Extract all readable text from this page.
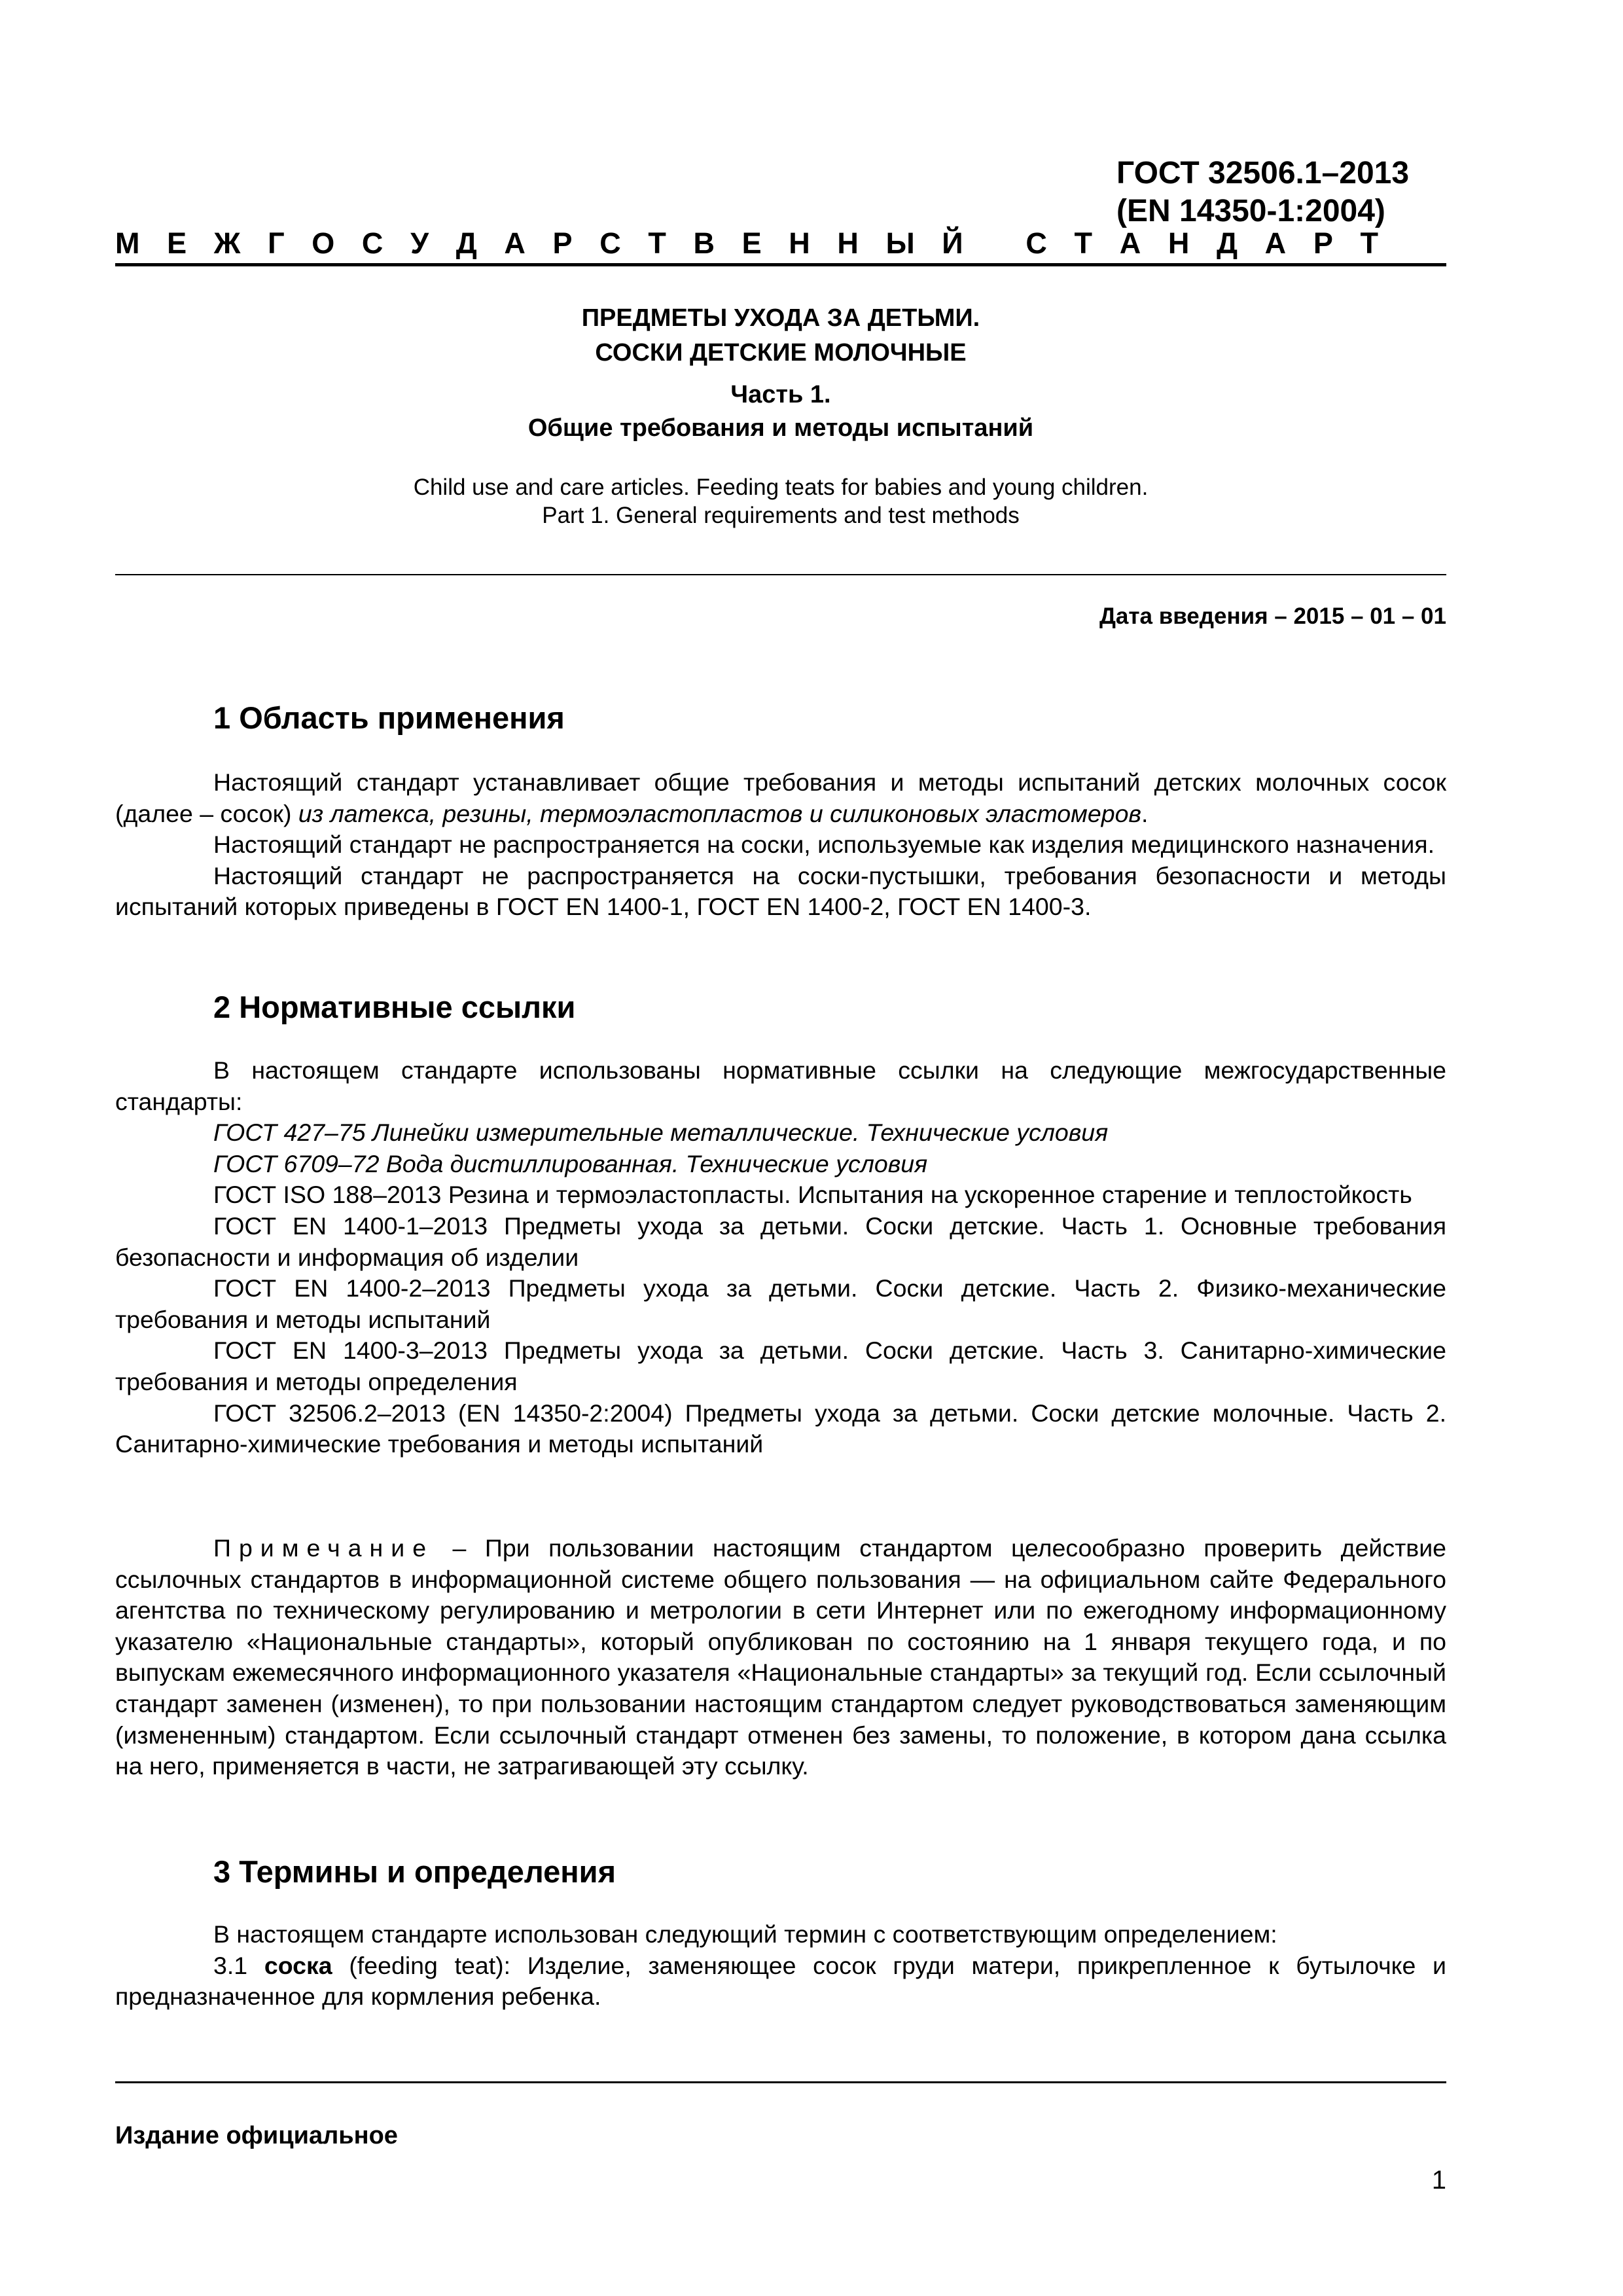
ГОСТ 32506.1–2013
(EN 14350-1:2004)
М Е Ж Г О С У Д А Р С Т В Е Н Н Ы Й
С Т А Н Д А Р Т
ПРЕДМЕТЫ УХОДА ЗА ДЕТЬМИ.
СОСКИ ДЕТСКИЕ МОЛОЧНЫЕ
Часть 1.
Общие требования и методы испытаний
Child use and care articles. Feeding teats for babies and young children.
Part 1. General requirements and test methods
Дата введения – 2015 – 01 – 01
1 Область применения

Настоящий стандарт устанавливает общие требования и методы испытаний детских молочных сосок (далее – сосок) из латекса, резины, термоэластопластов и силиконовых эластомеров.

Настоящий стандарт не распространяется на соски, используемые как изделия медицинского назначения.

Настоящий стандарт не распространяется на соски-пустышки, требования безопасности и методы испытаний которых приведены в ГОСТ EN 1400-1, ГОСТ EN 1400-2, ГОСТ EN 1400-3.

2 Нормативные ссылки

В настоящем стандарте использованы нормативные ссылки на следующие межгосударственные стандарты:

ГОСТ 427–75 Линейки измерительные металлические. Технические условия

ГОСТ 6709–72 Вода дистиллированная. Технические условия

ГОСТ ISO 188–2013 Резина и термоэластопласты. Испытания на ускоренное старение и теплостойкость

ГОСТ EN 1400-1–2013 Предметы ухода за детьми. Соски детские. Часть 1. Основные требования безопасности и информация об изделии

ГОСТ EN 1400-2–2013 Предметы ухода за детьми. Соски детские. Часть 2. Физико-механические требования и методы испытаний

ГОСТ EN 1400-3–2013 Предметы ухода за детьми. Соски детские. Часть 3. Санитарно-химические требования и методы определения

ГОСТ 32506.2–2013 (EN 14350-2:2004) Предметы ухода за детьми. Соски детские молочные. Часть 2. Санитарно-химические требования и методы испытаний

Примечание – При пользовании настоящим стандартом целесообразно проверить действие ссылочных стандартов в информационной системе общего пользования — на официальном сайте Федерального агентства по техническому регулированию и метрологии в сети Интернет или по ежегодному информационному указателю «Национальные стандарты», который опубликован по состоянию на 1 января текущего года, и по выпускам ежемесячного информационного указателя «Национальные стандарты» за текущий год. Если ссылочный стандарт заменен (изменен), то при пользовании настоящим стандартом следует руководствоваться заменяющим (измененным) стандартом. Если ссылочный стандарт отменен без замены, то положение, в котором дана ссылка на него, применяется в части, не затрагивающей эту ссылку.

3 Термины и определения

В настоящем стандарте использован следующий термин с соответствующим определением:

3.1 соска (feeding teat): Изделие, заменяющее сосок груди матери, прикрепленное к бутылочке и предназначенное для кормления ребенка.

Издание официальное
1
